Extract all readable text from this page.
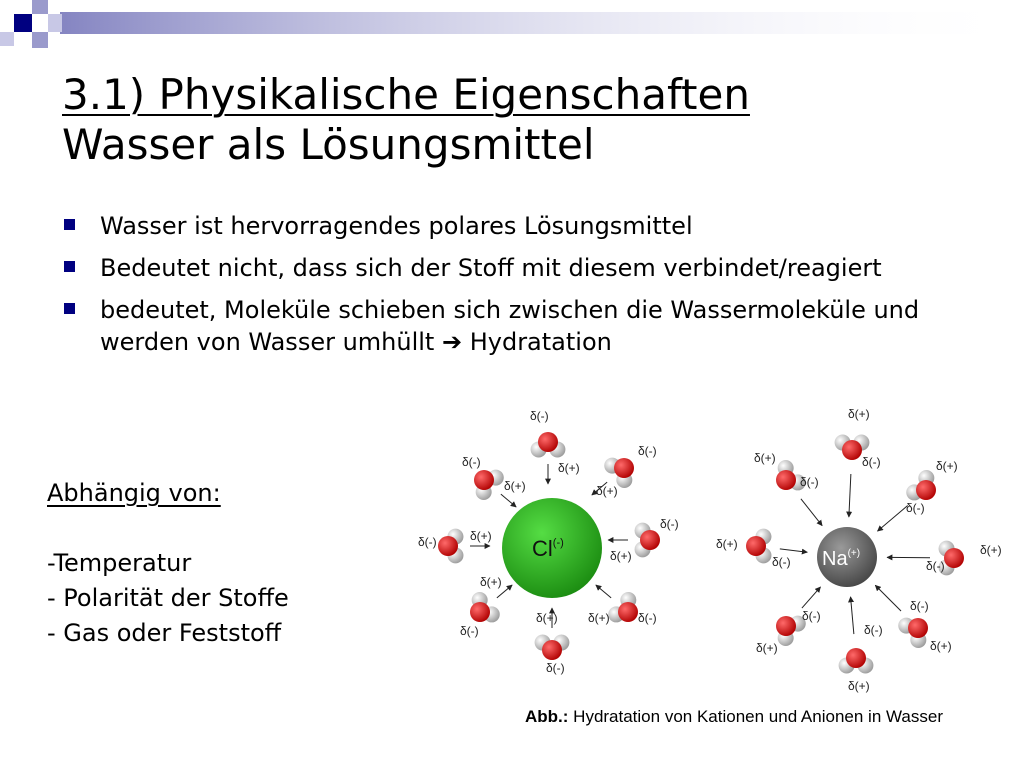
3.1) Physikalische Eigenschaften
Wasser als Lösungsmittel
Wasser ist hervorragendes polares Lösungsmittel
Bedeutet nicht, dass sich der Stoff mit diesem verbindet/reagiert
bedeutet, Moleküle schieben sich zwischen die Wassermoleküle und werden von Wasser umhüllt ➔ Hydratation
Abhängig von:
-Temperatur
- Polarität der Stoffe
- Gas oder Feststoff
δ(-)
δ(+)
δ(-)
δ(+)
δ(-)
δ(+)
δ(-)
δ(+)
δ(-)
δ(+)
δ(-)
δ(+)
δ(-)	δ(+)
δ(-)
δ(+)
δ(+)
δ(-)	δ(+)
δ(-)
δ(+)
δ(-)
δ(+)
δ(-)
δ(+)
δ(-)
δ(+)
δ(-)
δ(+)
δ(-)
δ(+)
δ(-)
Cl(-)
Na(+)
Abb.: Hydratation von Kationen und Anionen in Wasser
